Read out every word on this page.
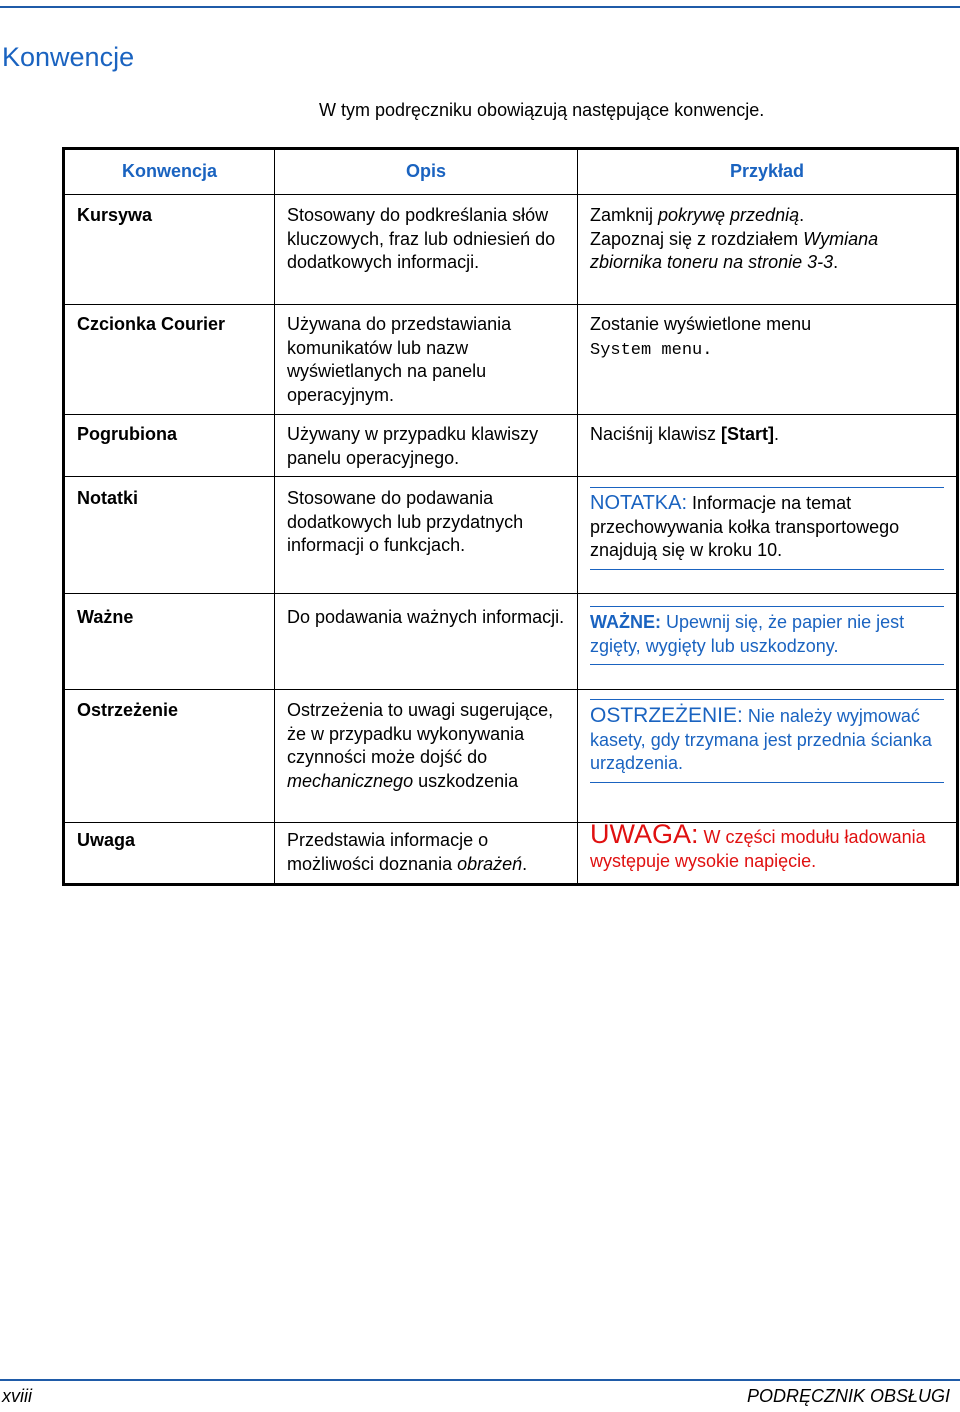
Konwencje
W tym podręczniku obowiązują następujące konwencje.
Konwencja	Opis	Przykład
Kursywa	Stosowany do podkreślania słów kluczowych, fraz lub odniesień do dodatkowych informacji.	Zamknij pokrywę przednią.
Zapoznaj się z rozdziałem Wymiana zbiornika toneru na stronie 3-3.
Czcionka Courier	Używana do przedstawiania komunikatów lub nazw wyświetlanych na panelu operacyjnym.	Zostanie wyświetlone menu
System menu.
Pogrubiona	Używany w przypadku klawiszy panelu operacyjnego.	Naciśnij klawisz [Start].
Notatki	Stosowane do podawania dodatkowych lub przydatnych informacji o funkcjach.	NOTATKA: Informacje na temat przechowywania kołka transportowego znajdują się w kroku 10.

Ważne	Do podawania ważnych informacji.	WAŻNE: Upewnij się, że papier nie jest zgięty, wygięty lub uszkodzony.

Ostrzeżenie	Ostrzeżenia to uwagi sugerujące, że w przypadku wykonywania czynności może dojść do mechanicznego uszkodzenia	OSTRZEŻENIE: Nie należy wyjmować kasety, gdy trzymana jest przednia ścianka urządzenia.

Uwaga	Przedstawia informacje o możliwości doznania obrażeń.	UWAGA: W części modułu ładowania występuje wysokie napięcie.
xviii	PODRĘCZNIK OBSŁUGI
